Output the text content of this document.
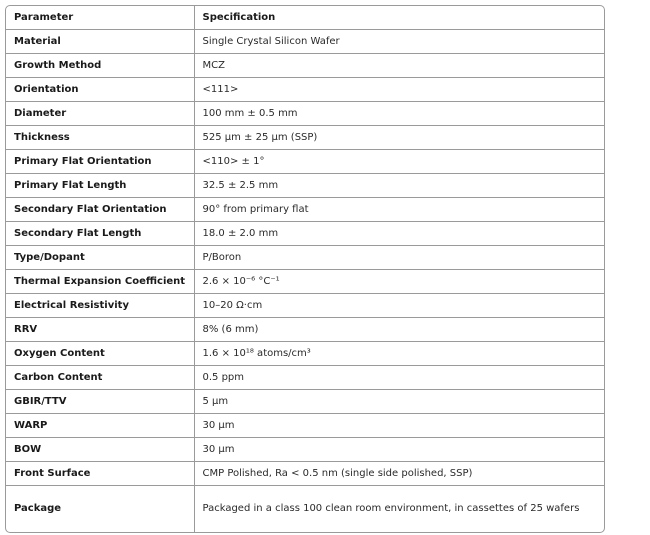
Parameter	Specification
Material	Single Crystal Silicon Wafer
Growth Method	MCZ
Orientation	<111>
Diameter	100 mm ± 0.5 mm
Thickness	525 μm ± 25 μm (SSP)
Primary Flat Orientation	<110> ± 1°
Primary Flat Length	32.5 ± 2.5 mm
Secondary Flat Orientation	90° from primary flat
Secondary Flat Length	18.0 ± 2.0 mm
Type/Dopant	P/Boron
Thermal Expansion Coefficient	2.6 × 10⁻⁶ °C⁻¹
Electrical Resistivity	10–20 Ω·cm
RRV	8% (6 mm)
Oxygen Content	1.6 × 10¹⁸ atoms/cm³
Carbon Content	0.5 ppm
GBIR/TTV	5 μm
WARP	30 μm
BOW	30 μm
Front Surface	CMP Polished, Ra < 0.5 nm (single side polished, SSP)
Package	Packaged in a class 100 clean room environment, in cassettes of 25 wafers
